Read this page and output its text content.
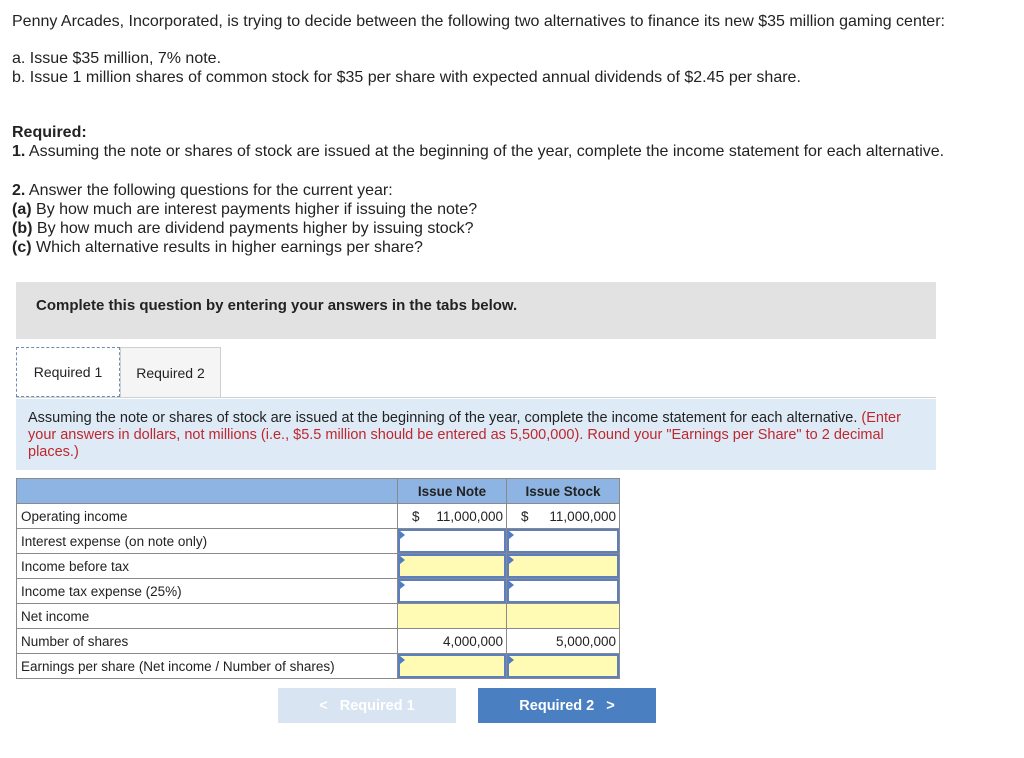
Penny Arcades, Incorporated, is trying to decide between the following two alternatives to finance its new $35 million gaming center:

a. Issue $35 million, 7% note.
b. Issue 1 million shares of common stock for $35 per share with expected annual dividends of $2.45 per share.
Required:
1. Assuming the note or shares of stock are issued at the beginning of the year, complete the income statement for each alternative.
2. Answer the following questions for the current year:
(a) By how much are interest payments higher if issuing the note?
(b) By how much are dividend payments higher by issuing stock?
(c) Which alternative results in higher earnings per share?
Complete this question by entering your answers in the tabs below.
Required 1 Required 2
Assuming the note or shares of stock are issued at the beginning of the year, complete the income statement for each alternative. (Enter your answers in dollars, not millions (i.e., $5.5 million should be entered as 5,500,000). Round your "Earnings per Share" to 2 decimal places.)
	Issue Note	Issue Stock
Operating income	$ 11,000,000	$ 11,000,000

Interest expense (on note only)	

Income before tax	

Income tax expense (25%)	

Net income	

Number of shares	4,000,000	5,000,000

Earnings per share (Net income / Number of shares)	

< Required 1	Required 2 >
